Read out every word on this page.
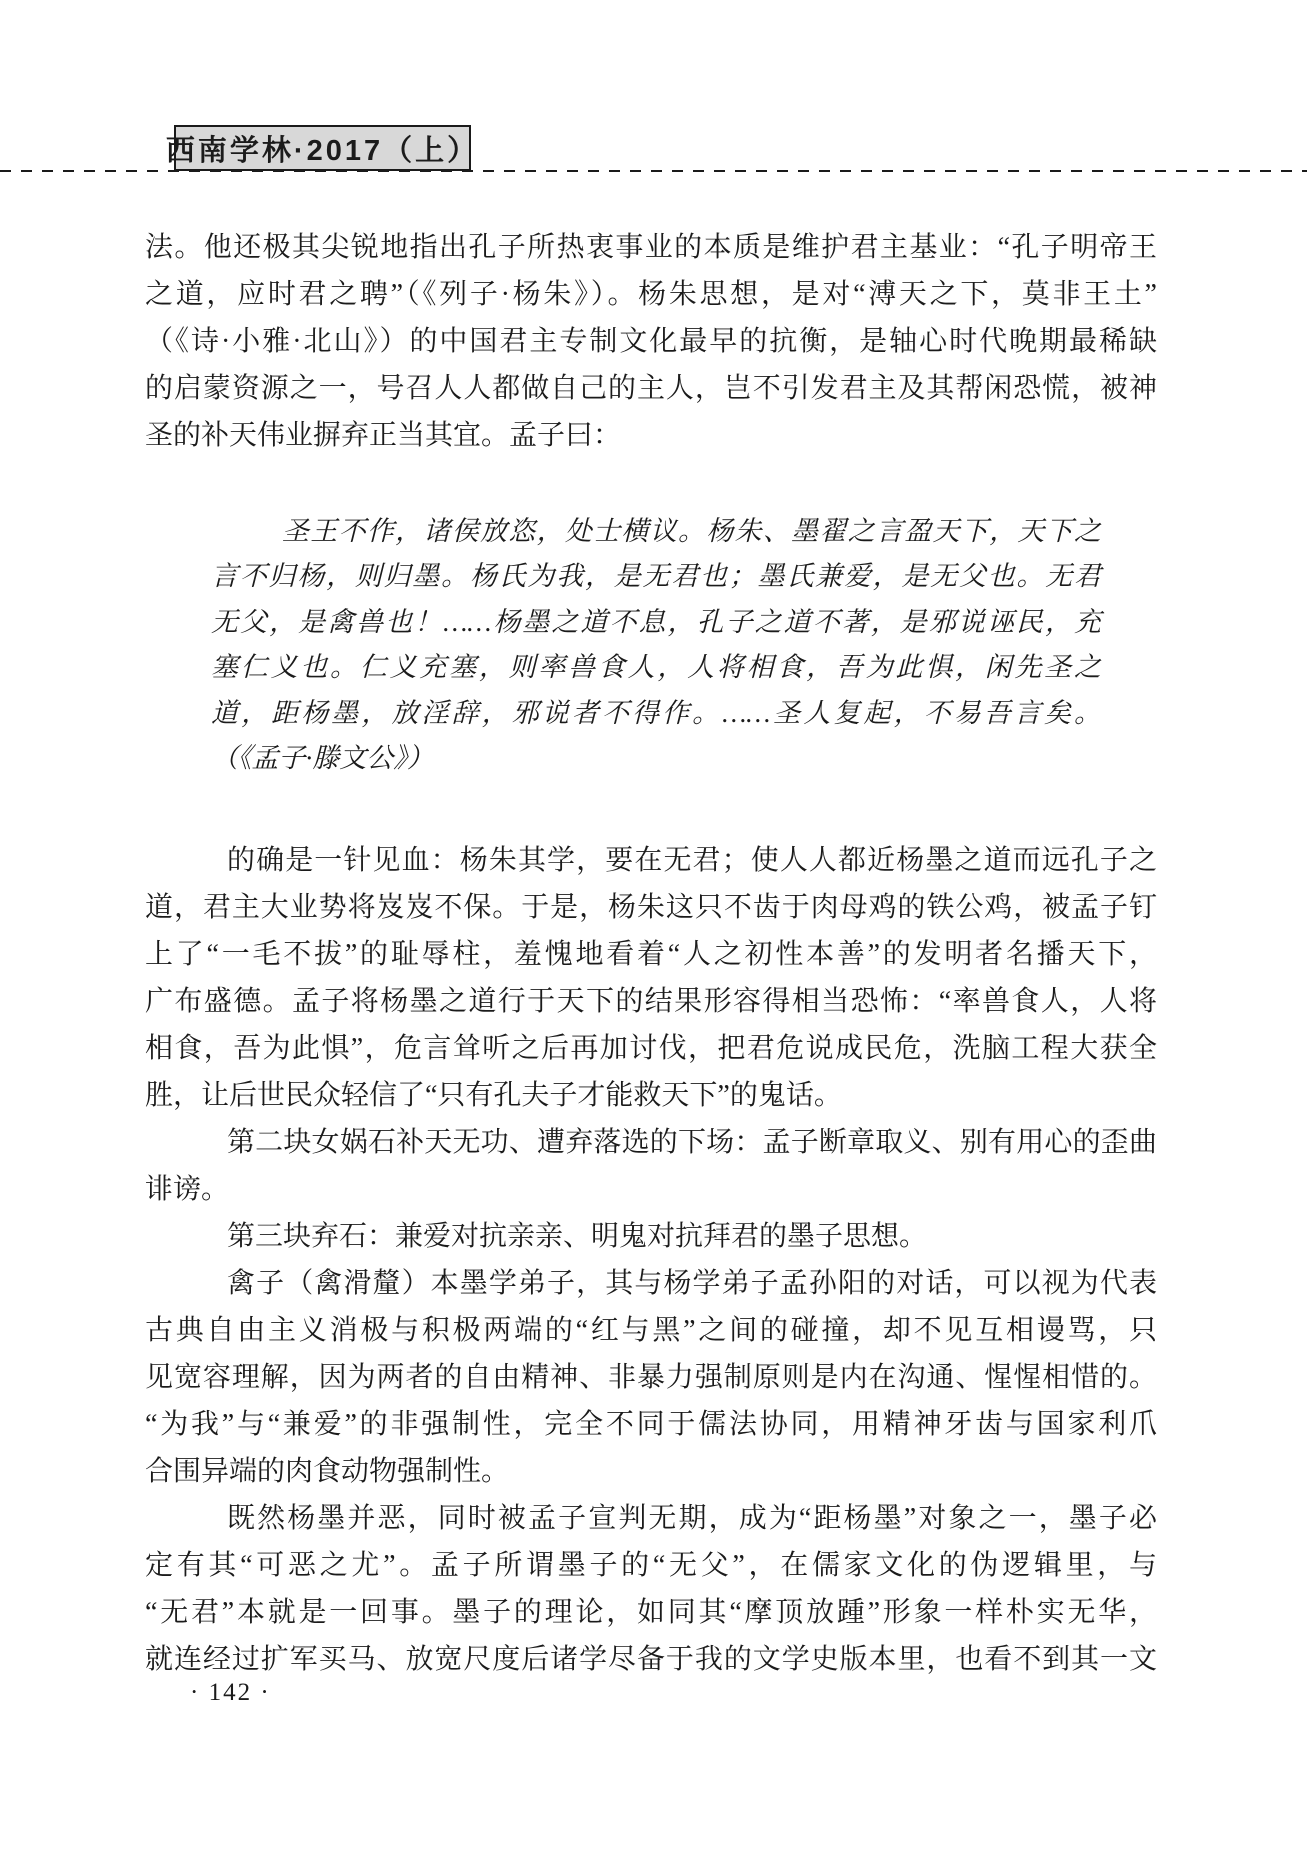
西南学林·2017（上）
法。他还极其尖锐地指出孔子所热衷事业的本质是维护君主基业：“孔子明帝王
之道，应时君之聘”（《列子·杨朱》）。杨朱思想，是对“溥天之下，莫非王土”
（《诗·小雅·北山》）的中国君主专制文化最早的抗衡，是轴心时代晚期最稀缺
的启蒙资源之一，号召人人都做自己的主人，岂不引发君主及其帮闲恐慌，被神
圣的补天伟业摒弃正当其宜。孟子曰：
圣王不作，诸侯放恣，处士横议。杨朱、墨翟之言盈天下，天下之
言不归杨，则归墨。杨氏为我，是无君也；墨氏兼爱，是无父也。无君
无父，是禽兽也！……杨墨之道不息，孔子之道不著，是邪说诬民，充
塞仁义也。仁义充塞，则率兽食人，人将相食，吾为此惧，闲先圣之
道，距杨墨，放淫辞，邪说者不得作。……圣人复起，不易吾言矣。
（《孟子·滕文公》）
的确是一针见血：杨朱其学，要在无君；使人人都近杨墨之道而远孔子之
道，君主大业势将岌岌不保。于是，杨朱这只不齿于肉母鸡的铁公鸡，被孟子钉
上了“一毛不拔”的耻辱柱，羞愧地看着“人之初性本善”的发明者名播天下，
广布盛德。孟子将杨墨之道行于天下的结果形容得相当恐怖：“率兽食人，人将
相食，吾为此惧”，危言耸听之后再加讨伐，把君危说成民危，洗脑工程大获全
胜，让后世民众轻信了“只有孔夫子才能救天下”的鬼话。
第二块女娲石补天无功、遭弃落选的下场：孟子断章取义、别有用心的歪曲
诽谤。
第三块弃石：兼爱对抗亲亲、明鬼对抗拜君的墨子思想。
禽子（禽滑釐）本墨学弟子，其与杨学弟子孟孙阳的对话，可以视为代表
古典自由主义消极与积极两端的“红与黑”之间的碰撞，却不见互相谩骂，只
见宽容理解，因为两者的自由精神、非暴力强制原则是内在沟通、惺惺相惜的。
“为我”与“兼爱”的非强制性，完全不同于儒法协同，用精神牙齿与国家利爪
合围异端的肉食动物强制性。
既然杨墨并恶，同时被孟子宣判无期，成为“距杨墨”对象之一，墨子必
定有其“可恶之尤”。孟子所谓墨子的“无父”，在儒家文化的伪逻辑里，与
“无君”本就是一回事。墨子的理论，如同其“摩顶放踵”形象一样朴实无华，
就连经过扩军买马、放宽尺度后诸学尽备于我的文学史版本里，也看不到其一文
· 142 ·
